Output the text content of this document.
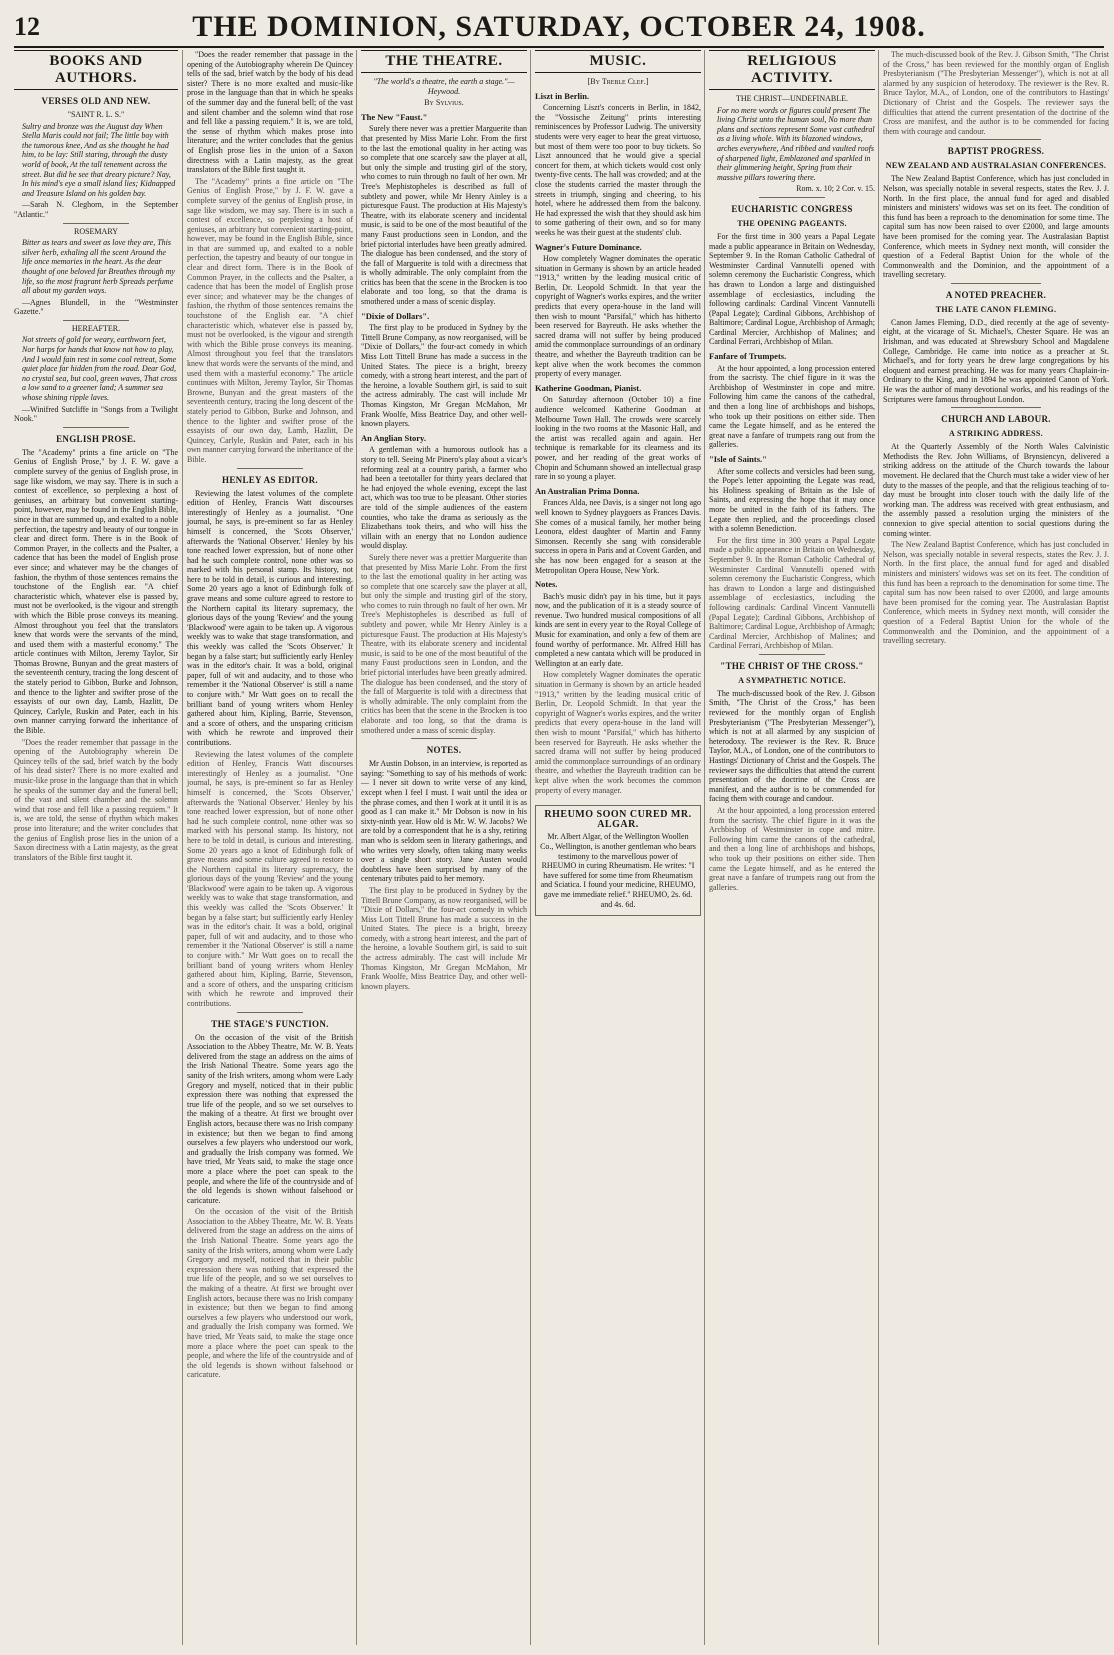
12	THE DOMINION, SATURDAY, OCTOBER 24, 1908.
BOOKS AND AUTHORS.
VERSES OLD AND NEW.
"SAINT R. L. S."
Sultry and bronze was the August day When Stella Maris could not fail; The little boy with the tumorous knee, And as she thought he had him, to be lay: Still staring, through the dusty world of book, At the tall tenement across the street. But did he see that dreary picture? Nay, In his mind's eye a small island lies; Kidnapped and Treasure Island on his golden bay.
—Sarah N. Cleghorn, in the September "Atlantic."
ROSEMARY
Bitter as tears and sweet as love they are, This silver herb, exhaling all the scent Around the life once memories in the heart. As the dear thought of one beloved far Breathes through my life, so the most fragrant herb Spreads perfume all about my garden ways.
—Agnes Blundell, in the "Westminster Gazette."
HEREAFTER.
Not streets of gold for weary, earthworn feet, Nor harps for hands that know not how to play, And I would fain rest in some cool retreat, Some quiet place far hidden from the road. Dear God, no crystal sea, but cool, green waves, That cross a low sand to a greener land; A summer sea whose shining ripple laves.
—Winifred Sutcliffe in "Songs from a Twilight Nook."
ENGLISH PROSE.
The "Academy" prints a fine article on "The Genius of English Prose," by J. F. W. gave a complete survey of the genius of English prose, in sage like wisdom, we may say. There is in such a contest of excellence, so perplexing a host of geniuses, an arbitrary but convenient starting-point, however, may be found in the English Bible, since in that are summed up, and exalted to a noble perfection, the tapestry and beauty of our tongue in clear and direct form. There is in the Book of Common Prayer, in the collects and the Psalter, a cadence that has been the model of English prose ever since; and whatever may be the changes of fashion, the rhythm of those sentences remains the touchstone of the English ear. "A chief characteristic which, whatever else is passed by, must not be overlooked, is the vigour and strength with which the Bible prose conveys its meaning. Almost throughout you feel that the translators knew that words were the servants of the mind, and used them with a masterful economy." The article continues with Milton, Jeremy Taylor, Sir Thomas Browne, Bunyan and the great masters of the seventeenth century, tracing the long descent of the stately period to Gibbon, Burke and Johnson, and thence to the lighter and swifter prose of the essayists of our own day, Lamb, Hazlitt, De Quincey, Carlyle, Ruskin and Pater, each in his own manner carrying forward the inheritance of the Bible.
"Does the reader remember that passage in the opening of the Autobiography wherein De Quincey tells of the sad, brief watch by the body of his dead sister? There is no more exalted and music-like prose in the language than that in which he speaks of the summer day and the funeral bell; of the vast and silent chamber and the solemn wind that rose and fell like a passing requiem." It is, we are told, the sense of rhythm which makes prose into literature; and the writer concludes that the genius of English prose lies in the union of a Saxon directness with a Latin majesty, as the great translators of the Bible first taught it.
"Does the reader remember that passage in the opening of the Autobiography wherein De Quincey tells of the sad, brief watch by the body of his dead sister? There is no more exalted and music-like prose in the language than that in which he speaks of the summer day and the funeral bell; of the vast and silent chamber and the solemn wind that rose and fell like a passing requiem." It is, we are told, the sense of rhythm which makes prose into literature; and the writer concludes that the genius of English prose lies in the union of a Saxon directness with a Latin majesty, as the great translators of the Bible first taught it.
The "Academy" prints a fine article on "The Genius of English Prose," by J. F. W. gave a complete survey of the genius of English prose, in sage like wisdom, we may say. There is in such a contest of excellence, so perplexing a host of geniuses, an arbitrary but convenient starting-point, however, may be found in the English Bible, since in that are summed up, and exalted to a noble perfection, the tapestry and beauty of our tongue in clear and direct form. There is in the Book of Common Prayer, in the collects and the Psalter, a cadence that has been the model of English prose ever since; and whatever may be the changes of fashion, the rhythm of those sentences remains the touchstone of the English ear. "A chief characteristic which, whatever else is passed by, must not be overlooked, is the vigour and strength with which the Bible prose conveys its meaning. Almost throughout you feel that the translators knew that words were the servants of the mind, and used them with a masterful economy." The article continues with Milton, Jeremy Taylor, Sir Thomas Browne, Bunyan and the great masters of the seventeenth century, tracing the long descent of the stately period to Gibbon, Burke and Johnson, and thence to the lighter and swifter prose of the essayists of our own day, Lamb, Hazlitt, De Quincey, Carlyle, Ruskin and Pater, each in his own manner carrying forward the inheritance of the Bible.
HENLEY AS EDITOR.
Reviewing the latest volumes of the complete edition of Henley, Francis Watt discourses interestingly of Henley as a journalist. "One journal, he says, is pre-eminent so far as Henley himself is concerned, the 'Scots Observer,' afterwards the 'National Observer.' Henley by his tone reached lower expression, but of none other had he such complete control, none other was so marked with his personal stamp. Its history, not here to be told in detail, is curious and interesting. Some 20 years ago a knot of Edinburgh folk of grave means and some culture agreed to restore to the Northern capital its literary supremacy, the glorious days of the young 'Review' and the young 'Blackwood' were again to be taken up. A vigorous weekly was to wake that stage transformation, and this weekly was called the 'Scots Observer.' It began by a false start; but sufficiently early Henley was in the editor's chair. It was a bold, original paper, full of wit and audacity, and to those who remember it the 'National Observer' is still a name to conjure with." Mr Watt goes on to recall the brilliant band of young writers whom Henley gathered about him, Kipling, Barrie, Stevenson, and a score of others, and the unsparing criticism with which he rewrote and improved their contributions.
Reviewing the latest volumes of the complete edition of Henley, Francis Watt discourses interestingly of Henley as a journalist. "One journal, he says, is pre-eminent so far as Henley himself is concerned, the 'Scots Observer,' afterwards the 'National Observer.' Henley by his tone reached lower expression, but of none other had he such complete control, none other was so marked with his personal stamp. Its history, not here to be told in detail, is curious and interesting. Some 20 years ago a knot of Edinburgh folk of grave means and some culture agreed to restore to the Northern capital its literary supremacy, the glorious days of the young 'Review' and the young 'Blackwood' were again to be taken up. A vigorous weekly was to wake that stage transformation, and this weekly was called the 'Scots Observer.' It began by a false start; but sufficiently early Henley was in the editor's chair. It was a bold, original paper, full of wit and audacity, and to those who remember it the 'National Observer' is still a name to conjure with." Mr Watt goes on to recall the brilliant band of young writers whom Henley gathered about him, Kipling, Barrie, Stevenson, and a score of others, and the unsparing criticism with which he rewrote and improved their contributions.
THE STAGE'S FUNCTION.
On the occasion of the visit of the British Association to the Abbey Theatre, Mr. W. B. Yeats delivered from the stage an address on the aims of the Irish National Theatre. Some years ago the sanity of the Irish writers, among whom were Lady Gregory and myself, noticed that in their public expression there was nothing that expressed the true life of the people, and so we set ourselves to the making of a theatre. At first we brought over English actors, because there was no Irish company in existence; but then we began to find among ourselves a few players who understood our work, and gradually the Irish company was formed. We have tried, Mr Yeats said, to make the stage once more a place where the poet can speak to the people, and where the life of the countryside and of the old legends is shown without falsehood or caricature.
On the occasion of the visit of the British Association to the Abbey Theatre, Mr. W. B. Yeats delivered from the stage an address on the aims of the Irish National Theatre. Some years ago the sanity of the Irish writers, among whom were Lady Gregory and myself, noticed that in their public expression there was nothing that expressed the true life of the people, and so we set ourselves to the making of a theatre. At first we brought over English actors, because there was no Irish company in existence; but then we began to find among ourselves a few players who understood our work, and gradually the Irish company was formed. We have tried, Mr Yeats said, to make the stage once more a place where the poet can speak to the people, and where the life of the countryside and of the old legends is shown without falsehood or caricature.
THE THEATRE.
"The world's a theatre, the earth a stage."—Heywood.
By Sylvius.
The New "Faust."
Surely there never was a prettier Marguerite than that presented by Miss Marie Lohr. From the first to the last the emotional quality in her acting was so complete that one scarcely saw the player at all, but only the simple and trusting girl of the story, who comes to ruin through no fault of her own. Mr Tree's Mephistopheles is described as full of subtlety and power, while Mr Henry Ainley is a picturesque Faust. The production at His Majesty's Theatre, with its elaborate scenery and incidental music, is said to be one of the most beautiful of the many Faust productions seen in London, and the brief pictorial interludes have been greatly admired. The dialogue has been condensed, and the story of the fall of Marguerite is told with a directness that is wholly admirable. The only complaint from the critics has been that the scene in the Brocken is too elaborate and too long, so that the drama is smothered under a mass of scenic display.
"Dixie of Dollars".
The first play to be produced in Sydney by the Tittell Brune Company, as now reorganised, will be "Dixie of Dollars," the four-act comedy in which Miss Lott Tittell Brune has made a success in the United States. The piece is a bright, breezy comedy, with a strong heart interest, and the part of the heroine, a lovable Southern girl, is said to suit the actress admirably. The cast will include Mr Thomas Kingston, Mr Gregan McMahon, Mr Frank Woolfe, Miss Beatrice Day, and other well-known players.
An Anglian Story.
A gentleman with a humorous outlook has a story to tell. Seeing Mr Pinero's play about a vicar's reforming zeal at a country parish, a farmer who had been a teetotaller for thirty years declared that he had enjoyed the whole evening, except the last act, which was too true to be pleasant. Other stories are told of the simple audiences of the eastern counties, who take the drama as seriously as the Elizabethans took theirs, and who will hiss the villain with an energy that no London audience would display.
Surely there never was a prettier Marguerite than that presented by Miss Marie Lohr. From the first to the last the emotional quality in her acting was so complete that one scarcely saw the player at all, but only the simple and trusting girl of the story, who comes to ruin through no fault of her own. Mr Tree's Mephistopheles is described as full of subtlety and power, while Mr Henry Ainley is a picturesque Faust. The production at His Majesty's Theatre, with its elaborate scenery and incidental music, is said to be one of the most beautiful of the many Faust productions seen in London, and the brief pictorial interludes have been greatly admired. The dialogue has been condensed, and the story of the fall of Marguerite is told with a directness that is wholly admirable. The only complaint from the critics has been that the scene in the Brocken is too elaborate and too long, so that the drama is smothered under a mass of scenic display.
NOTES.
Mr Austin Dobson, in an interview, is reported as saying: "Something to say of his methods of work:— I never sit down to write verse of any kind, except when I feel I must. I wait until the idea or the phrase comes, and then I work at it until it is as good as I can make it." Mr Dobson is now in his sixty-ninth year. How old is Mr. W. W. Jacobs? We are told by a correspondent that he is a shy, retiring man who is seldom seen in literary gatherings, and who writes very slowly, often taking many weeks over a single short story. Jane Austen would doubtless have been surprised by many of the centenary tributes paid to her memory.
The first play to be produced in Sydney by the Tittell Brune Company, as now reorganised, will be "Dixie of Dollars," the four-act comedy in which Miss Lott Tittell Brune has made a success in the United States. The piece is a bright, breezy comedy, with a strong heart interest, and the part of the heroine, a lovable Southern girl, is said to suit the actress admirably. The cast will include Mr Thomas Kingston, Mr Gregan McMahon, Mr Frank Woolfe, Miss Beatrice Day, and other well-known players.
MUSIC.
[By Treble Clef.]
Liszt in Berlin.
Concerning Liszt's concerts in Berlin, in 1842, the "Vossische Zeitung" prints interesting reminiscences by Professor Ludwig. The university students were very eager to hear the great virtuoso, but most of them were too poor to buy tickets. So Liszt announced that he would give a special concert for them, at which tickets would cost only twenty-five cents. The hall was crowded; and at the close the students carried the master through the streets in triumph, singing and cheering, to his hotel, where he addressed them from the balcony. He had expressed the wish that they should ask him to some gathering of their own, and so for many weeks he was their guest at the students' club.
Wagner's Future Dominance.
How completely Wagner dominates the operatic situation in Germany is shown by an article headed "1913," written by the leading musical critic of Berlin, Dr. Leopold Schmidt. In that year the copyright of Wagner's works expires, and the writer predicts that every opera-house in the land will then wish to mount "Parsifal," which has hitherto been reserved for Bayreuth. He asks whether the sacred drama will not suffer by being produced amid the commonplace surroundings of an ordinary theatre, and whether the Bayreuth tradition can be kept alive when the work becomes the common property of every manager.
Katherine Goodman, Pianist.
On Saturday afternoon (October 10) a fine audience welcomed Katherine Goodman at Melbourne Town Hall. The crowds were scarcely looking in the two rooms at the Masonic Hall, and the artist was recalled again and again. Her technique is remarkable for its clearness and its power, and her reading of the great works of Chopin and Schumann showed an intellectual grasp rare in so young a player.
An Australian Prima Donna.
Frances Alda, nee Davis, is a singer not long ago well known to Sydney playgoers as Frances Davis. She comes of a musical family, her mother being Leonora, eldest daughter of Martin and Fanny Simonsen. Recently she sang with considerable success in opera in Paris and at Covent Garden, and she has now been engaged for a season at the Metropolitan Opera House, New York.
Notes.
Bach's music didn't pay in his time, but it pays now, and the publication of it is a steady source of revenue. Two hundred musical compositions of all kinds are sent in every year to the Royal College of Music for examination, and only a few of them are found worthy of performance. Mr. Alfred Hill has completed a new cantata which will be produced in Wellington at an early date.
How completely Wagner dominates the operatic situation in Germany is shown by an article headed "1913," written by the leading musical critic of Berlin, Dr. Leopold Schmidt. In that year the copyright of Wagner's works expires, and the writer predicts that every opera-house in the land will then wish to mount "Parsifal," which has hitherto been reserved for Bayreuth. He asks whether the sacred drama will not suffer by being produced amid the commonplace surroundings of an ordinary theatre, and whether the Bayreuth tradition can be kept alive when the work becomes the common property of every manager.
RHEUMO SOON CURED MR. ALGAR.
Mr. Albert Algar, of the Wellington Woollen Co., Wellington, is another gentleman who bears testimony to the marvellous power of RHEUMO in curing Rheumatism. He writes: "I have suffered for some time from Rheumatism and Sciatica. I found your medicine, RHEUMO, gave me immediate relief." RHEUMO, 2s. 6d. and 4s. 6d.
RELIGIOUS ACTIVITY.
THE CHRIST—UNDEFINABLE.
For no mere words or figures could present The living Christ unto the human soul, No more than plans and sections represent Some vast cathedral as a living whole. With its blazoned windows, arches everywhere, And ribbed and vaulted roofs of sharpened light, Emblazoned and sparkled in their glimmering height, Spring from their massive pillars towering there.
Rom. x. 10; 2 Cor. v. 15.
EUCHARISTIC CONGRESS
THE OPENING PAGEANTS.
For the first time in 300 years a Papal Legate made a public appearance in Britain on Wednesday, September 9. In the Roman Catholic Cathedral of Westminster Cardinal Vannutelli opened with solemn ceremony the Eucharistic Congress, which has drawn to London a large and distinguished assemblage of ecclesiastics, including the following cardinals: Cardinal Vincent Vannutelli (Papal Legate); Cardinal Gibbons, Archbishop of Baltimore; Cardinal Logue, Archbishop of Armagh; Cardinal Mercier, Archbishop of Malines; and Cardinal Ferrari, Archbishop of Milan.
Fanfare of Trumpets.
At the hour appointed, a long procession entered from the sacristy. The chief figure in it was the Archbishop of Westminster in cope and mitre. Following him came the canons of the cathedral, and then a long line of archbishops and bishops, who took up their positions on either side. Then came the Legate himself, and as he entered the great nave a fanfare of trumpets rang out from the galleries.
"Isle of Saints."
After some collects and versicles had been sung, the Pope's letter appointing the Legate was read, his Holiness speaking of Britain as the Isle of Saints, and expressing the hope that it may once more be united in the faith of its fathers. The Legate then replied, and the proceedings closed with a solemn Benediction.
For the first time in 300 years a Papal Legate made a public appearance in Britain on Wednesday, September 9. In the Roman Catholic Cathedral of Westminster Cardinal Vannutelli opened with solemn ceremony the Eucharistic Congress, which has drawn to London a large and distinguished assemblage of ecclesiastics, including the following cardinals: Cardinal Vincent Vannutelli (Papal Legate); Cardinal Gibbons, Archbishop of Baltimore; Cardinal Logue, Archbishop of Armagh; Cardinal Mercier, Archbishop of Malines; and Cardinal Ferrari, Archbishop of Milan.
"THE CHRIST OF THE CROSS."
A SYMPATHETIC NOTICE.
The much-discussed book of the Rev. J. Gibson Smith, "The Christ of the Cross," has been reviewed for the monthly organ of English Presbyterianism ("The Presbyterian Messenger"), which is not at all alarmed by any suspicion of heterodoxy. The reviewer is the Rev. R. Bruce Taylor, M.A., of London, one of the contributors to Hastings' Dictionary of Christ and the Gospels. The reviewer says the difficulties that attend the current presentation of the doctrine of the Cross are manifest, and the author is to be commended for facing them with courage and candour.
At the hour appointed, a long procession entered from the sacristy. The chief figure in it was the Archbishop of Westminster in cope and mitre. Following him came the canons of the cathedral, and then a long line of archbishops and bishops, who took up their positions on either side. Then came the Legate himself, and as he entered the great nave a fanfare of trumpets rang out from the galleries.
The much-discussed book of the Rev. J. Gibson Smith, "The Christ of the Cross," has been reviewed for the monthly organ of English Presbyterianism ("The Presbyterian Messenger"), which is not at all alarmed by any suspicion of heterodoxy. The reviewer is the Rev. R. Bruce Taylor, M.A., of London, one of the contributors to Hastings' Dictionary of Christ and the Gospels. The reviewer says the difficulties that attend the current presentation of the doctrine of the Cross are manifest, and the author is to be commended for facing them with courage and candour.
BAPTIST PROGRESS.
NEW ZEALAND AND AUSTRALASIAN CONFERENCES.
The New Zealand Baptist Conference, which has just concluded in Nelson, was specially notable in several respects, states the Rev. J. J. North. In the first place, the annual fund for aged and disabled ministers and ministers' widows was set on its feet. The condition of this fund has been a reproach to the denomination for some time. The capital sum has now been raised to over £2000, and large amounts have been promised for the coming year. The Australasian Baptist Conference, which meets in Sydney next month, will consider the question of a Federal Baptist Union for the whole of the Commonwealth and the Dominion, and the appointment of a travelling secretary.
A NOTED PREACHER.
THE LATE CANON FLEMING.
Canon James Fleming, D.D., died recently at the age of seventy-eight, at the vicarage of St. Michael's, Chester Square. He was an Irishman, and was educated at Shrewsbury School and Magdalene College, Cambridge. He came into notice as a preacher at St. Michael's, and for forty years he drew large congregations by his eloquent and earnest preaching. He was for many years Chaplain-in-Ordinary to the King, and in 1894 he was appointed Canon of York. He was the author of many devotional works, and his readings of the Scriptures were famous throughout London.
CHURCH AND LABOUR.
A STRIKING ADDRESS.
At the Quarterly Assembly of the North Wales Calvinistic Methodists the Rev. John Williams, of Brynsiencyn, delivered a striking address on the attitude of the Church towards the labour movement. He declared that the Church must take a wider view of her duty to the masses of the people, and that the religious teaching of to-day must be brought into closer touch with the daily life of the working man. The address was received with great enthusiasm, and the assembly passed a resolution urging the ministers of the connexion to give special attention to social questions during the coming winter.
The New Zealand Baptist Conference, which has just concluded in Nelson, was specially notable in several respects, states the Rev. J. J. North. In the first place, the annual fund for aged and disabled ministers and ministers' widows was set on its feet. The condition of this fund has been a reproach to the denomination for some time. The capital sum has now been raised to over £2000, and large amounts have been promised for the coming year. The Australasian Baptist Conference, which meets in Sydney next month, will consider the question of a Federal Baptist Union for the whole of the Commonwealth and the Dominion, and the appointment of a travelling secretary.
